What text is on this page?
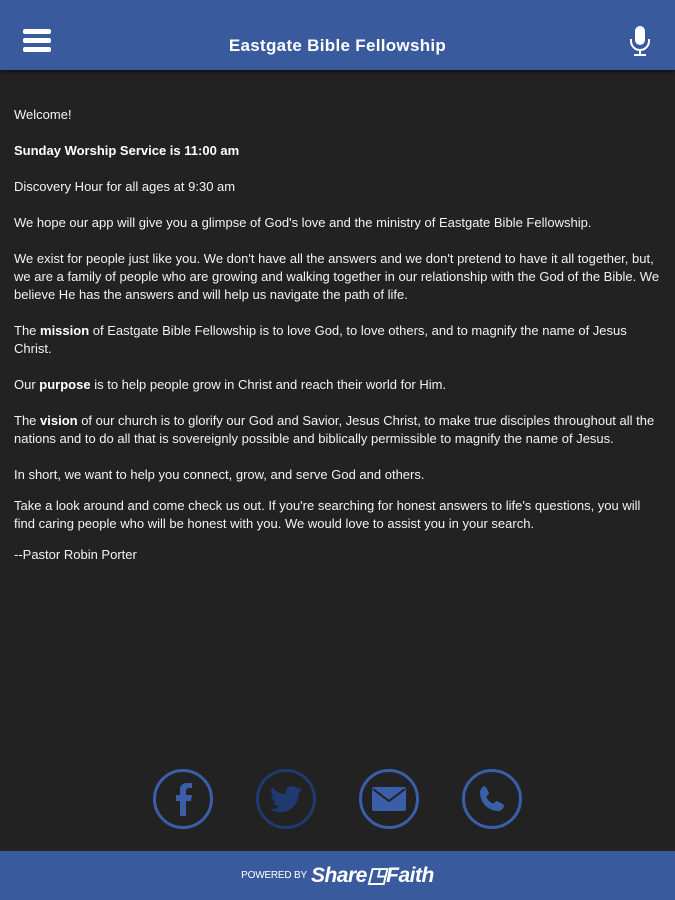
Eastgate Bible Fellowship

Welcome!

Sunday Worship Service is 11:00 am

Discovery Hour for all ages at 9:30 am

We hope our app will give you a glimpse of God's love and the ministry of Eastgate Bible Fellowship.

We exist for people just like you. We don't have all the answers and we don't pretend to have it all together, but, we are a family of people who are growing and walking together in our relationship with the God of the Bible. We believe He has the answers and will help us navigate the path of life.

The mission of Eastgate Bible Fellowship is to love God, to love others, and to magnify the name of Jesus Christ.

Our purpose is to help people grow in Christ and reach their world for Him.

The vision of our church is to glorify our God and Savior, Jesus Christ, to make true disciples throughout all the nations and to do all that is sovereignly possible and biblically permissible to magnify the name of Jesus.

In short, we want to help you connect, grow, and serve God and others.

Take a look around and come check us out. If you're searching for honest answers to life's questions, you will find caring people who will be honest with you. We would love to assist you in your search.

--Pastor Robin Porter

POWERED BY Share◳Faith
